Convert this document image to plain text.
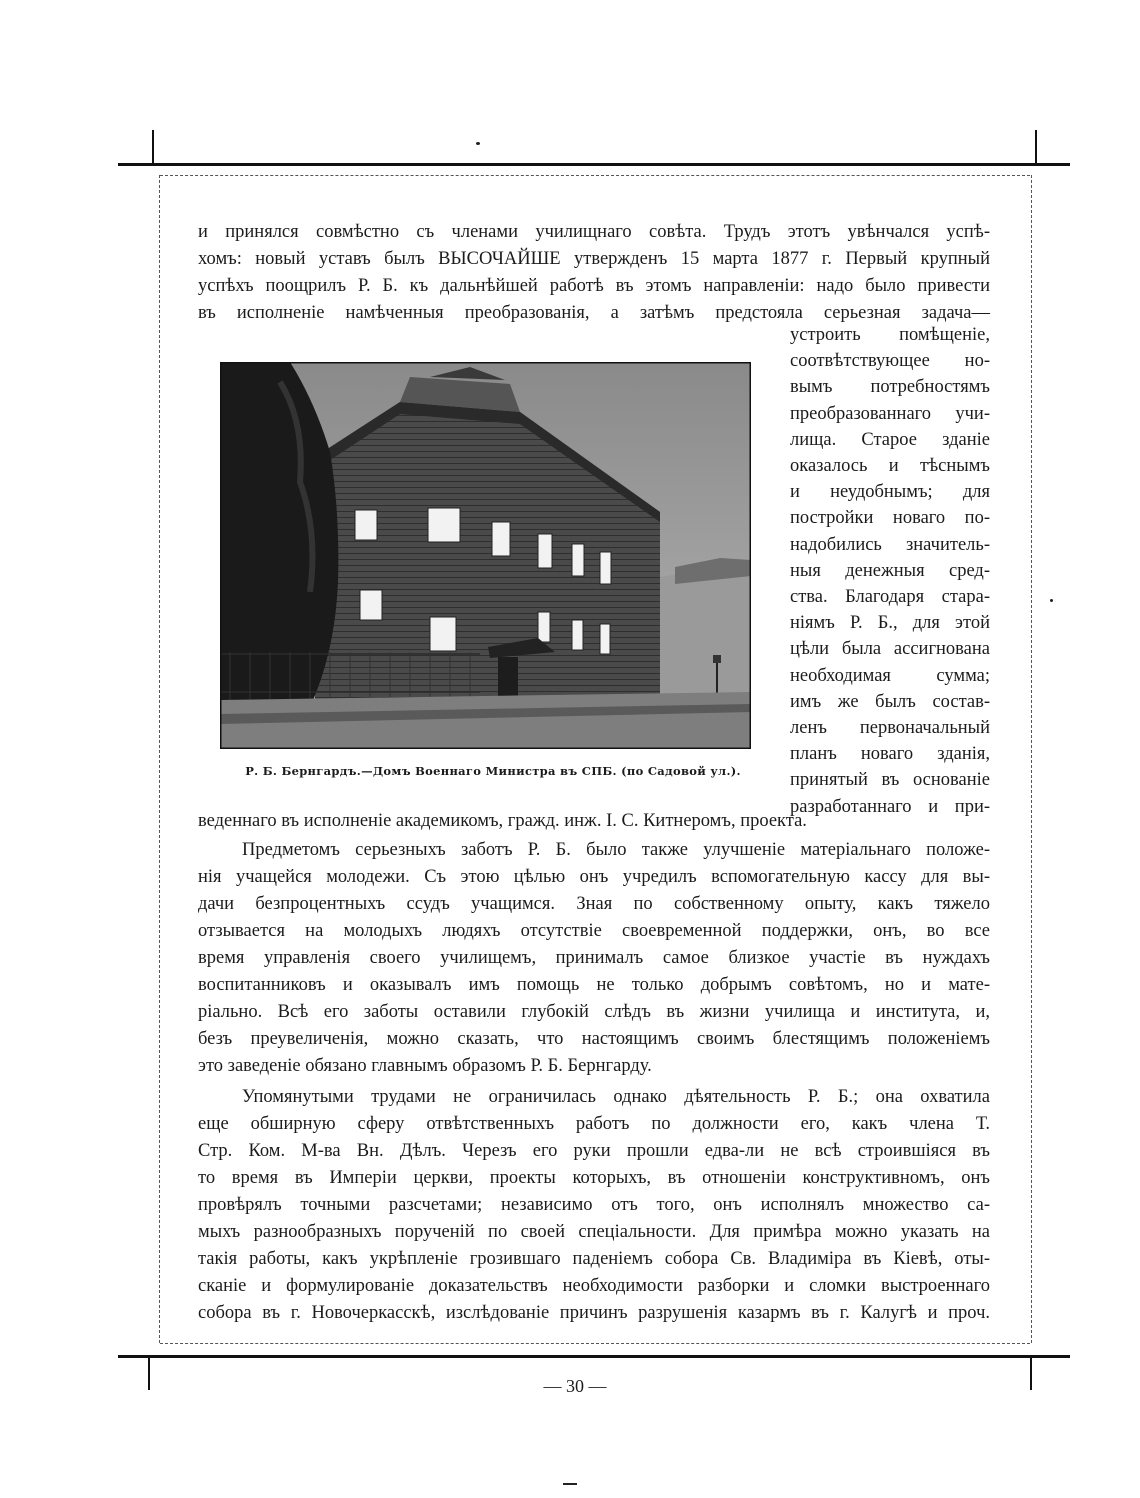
и принялся совмѣстно съ членами училищнаго совѣта. Трудъ этотъ увѣнчался успѣ-
хомъ: новый уставъ былъ ВЫСОЧАЙШЕ утвержденъ 15 марта 1877 г. Первый крупный
успѣхъ поощрилъ Р. Б. къ дальнѣйшей работѣ въ этомъ направленіи: надо было привести
въ исполненіе намѣченныя преобразованія, а затѣмъ предстояла серьезная задача—
Р. Б. Бернгардъ.—Домъ Военнаго Министра въ СПБ. (по Садовой ул.).
устроить помѣщеніе,
соотвѣтствующее но-
вымъ потребностямъ
преобразованнаго учи-
лища. Старое зданіе
оказалось и тѣснымъ
и неудобнымъ; для
постройки новаго по-
надобились значитель-
ныя денежныя сред-
ства. Благодаря стара-
ніямъ Р. Б., для этой
цѣли была ассигнована
необходимая сумма;
имъ же былъ состав-
ленъ первоначальный
планъ новаго зданія,
принятый въ основаніе
разработаннаго и при-
веденнаго въ исполненіе академикомъ, гражд. инж. І. С. Китнеромъ, проекта.
Предметомъ серьезныхъ заботъ Р. Б. было также улучшеніе матеріальнаго положе-
нія учащейся молодежи. Съ этою цѣлью онъ учредилъ вспомогательную кассу для вы-
дачи безпроцентныхъ ссудъ учащимся. Зная по собственному опыту, какъ тяжело
отзывается на молодыхъ людяхъ отсутствіе своевременной поддержки, онъ, во все
время управленія своего училищемъ, принималъ самое близкое участіе въ нуждахъ
воспитанниковъ и оказывалъ имъ помощь не только добрымъ совѣтомъ, но и мате-
ріально. Всѣ его заботы оставили глубокій слѣдъ въ жизни училища и института, и,
безъ преувеличенія, можно сказать, что настоящимъ своимъ блестящимъ положеніемъ
это заведеніе обязано главнымъ образомъ Р. Б. Бернгарду.
Упомянутыми трудами не ограничилась однако дѣятельность Р. Б.; она охватила
еще обширную сферу отвѣтственныхъ работъ по должности его, какъ члена Т.
Стр. Ком. М-ва Вн. Дѣлъ. Черезъ его руки прошли едва-ли не всѣ строившіяся въ
то время въ Имперіи церкви, проекты которыхъ, въ отношеніи конструктивномъ, онъ
провѣрялъ точными разсчетами; независимо отъ того, онъ исполнялъ множество са-
мыхъ разнообразныхъ порученій по своей спеціальности. Для примѣра можно указать на
такія работы, какъ укрѣпленіе грозившаго паденіемъ собора Св. Владиміра въ Кіевѣ, оты-
сканіе и формулированіе доказательствъ необходимости разборки и сломки выстроеннаго
собора въ г. Новочеркасскѣ, изслѣдованіе причинъ разрушенія казармъ въ г. Калугѣ и проч.
— 30 —
